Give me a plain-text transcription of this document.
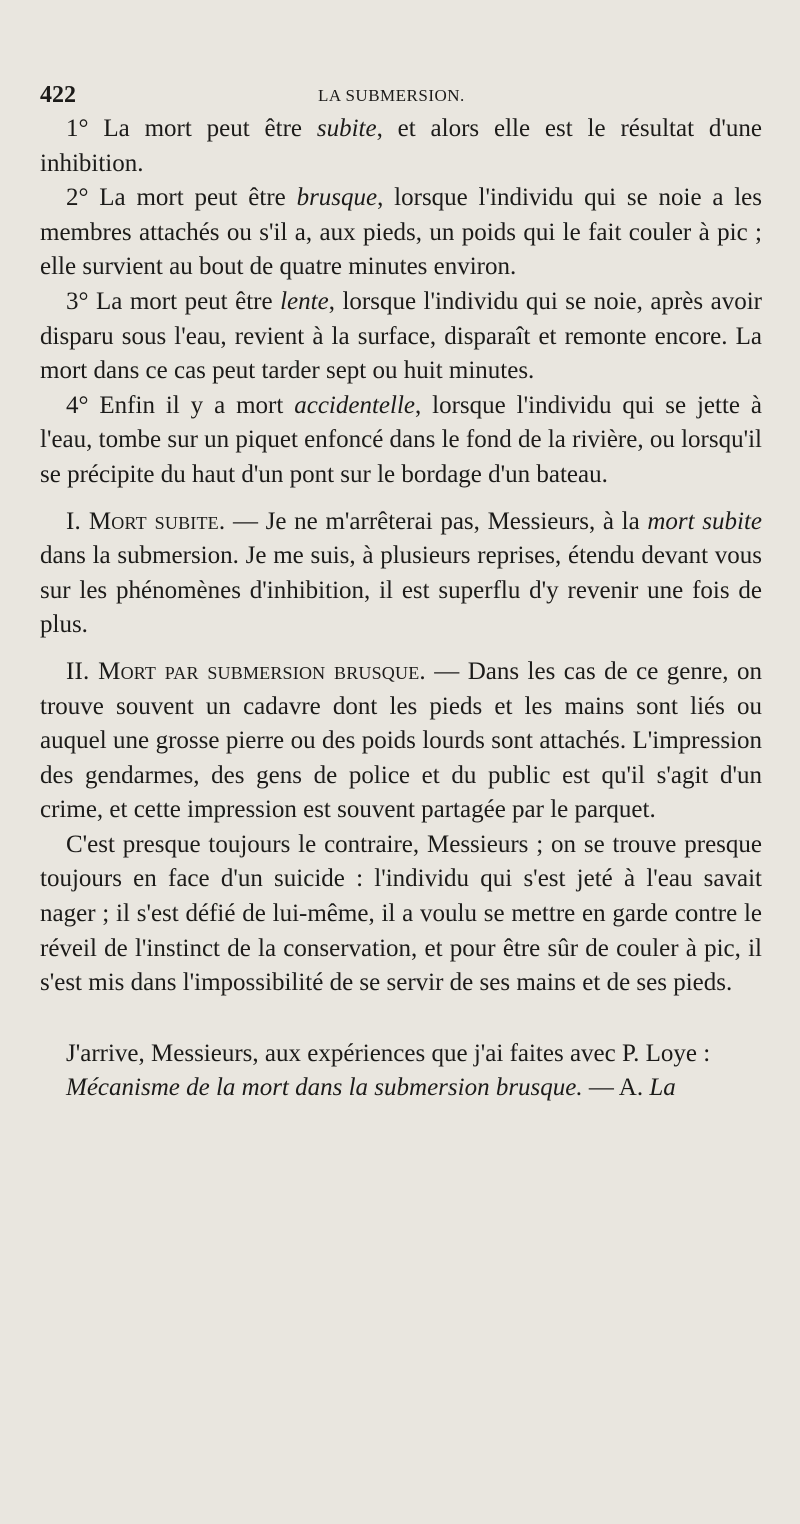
422	LA SUBMERSION.

1° La mort peut être subite, et alors elle est le résultat d'une inhibition.

2° La mort peut être brusque, lorsque l'individu qui se noie a les membres attachés ou s'il a, aux pieds, un poids qui le fait couler à pic ; elle survient au bout de quatre minutes environ.

3° La mort peut être lente, lorsque l'individu qui se noie, après avoir disparu sous l'eau, revient à la surface, disparaît et remonte encore. La mort dans ce cas peut tarder sept ou huit minutes.

4° Enfin il y a mort accidentelle, lorsque l'individu qui se jette à l'eau, tombe sur un piquet enfoncé dans le fond de la rivière, ou lorsqu'il se précipite du haut d'un pont sur le bordage d'un bateau.

I. Mort subite. — Je ne m'arrêterai pas, Messieurs, à la mort subite dans la submersion. Je me suis, à plusieurs reprises, étendu devant vous sur les phénomènes d'inhibition, il est superflu d'y revenir une fois de plus.

II. Mort par submersion brusque. — Dans les cas de ce genre, on trouve souvent un cadavre dont les pieds et les mains sont liés ou auquel une grosse pierre ou des poids lourds sont attachés. L'impression des gendarmes, des gens de police et du public est qu'il s'agit d'un crime, et cette impression est souvent partagée par le parquet.

C'est presque toujours le contraire, Messieurs ; on se trouve presque toujours en face d'un suicide : l'individu qui s'est jeté à l'eau savait nager ; il s'est défié de lui-même, il a voulu se mettre en garde contre le réveil de l'instinct de la conservation, et pour être sûr de couler à pic, il s'est mis dans l'impossibilité de se servir de ses mains et de ses pieds.

J'arrive, Messieurs, aux expériences que j'ai faites avec P. Loye :

Mécanisme de la mort dans la submersion brusque. — A. La
